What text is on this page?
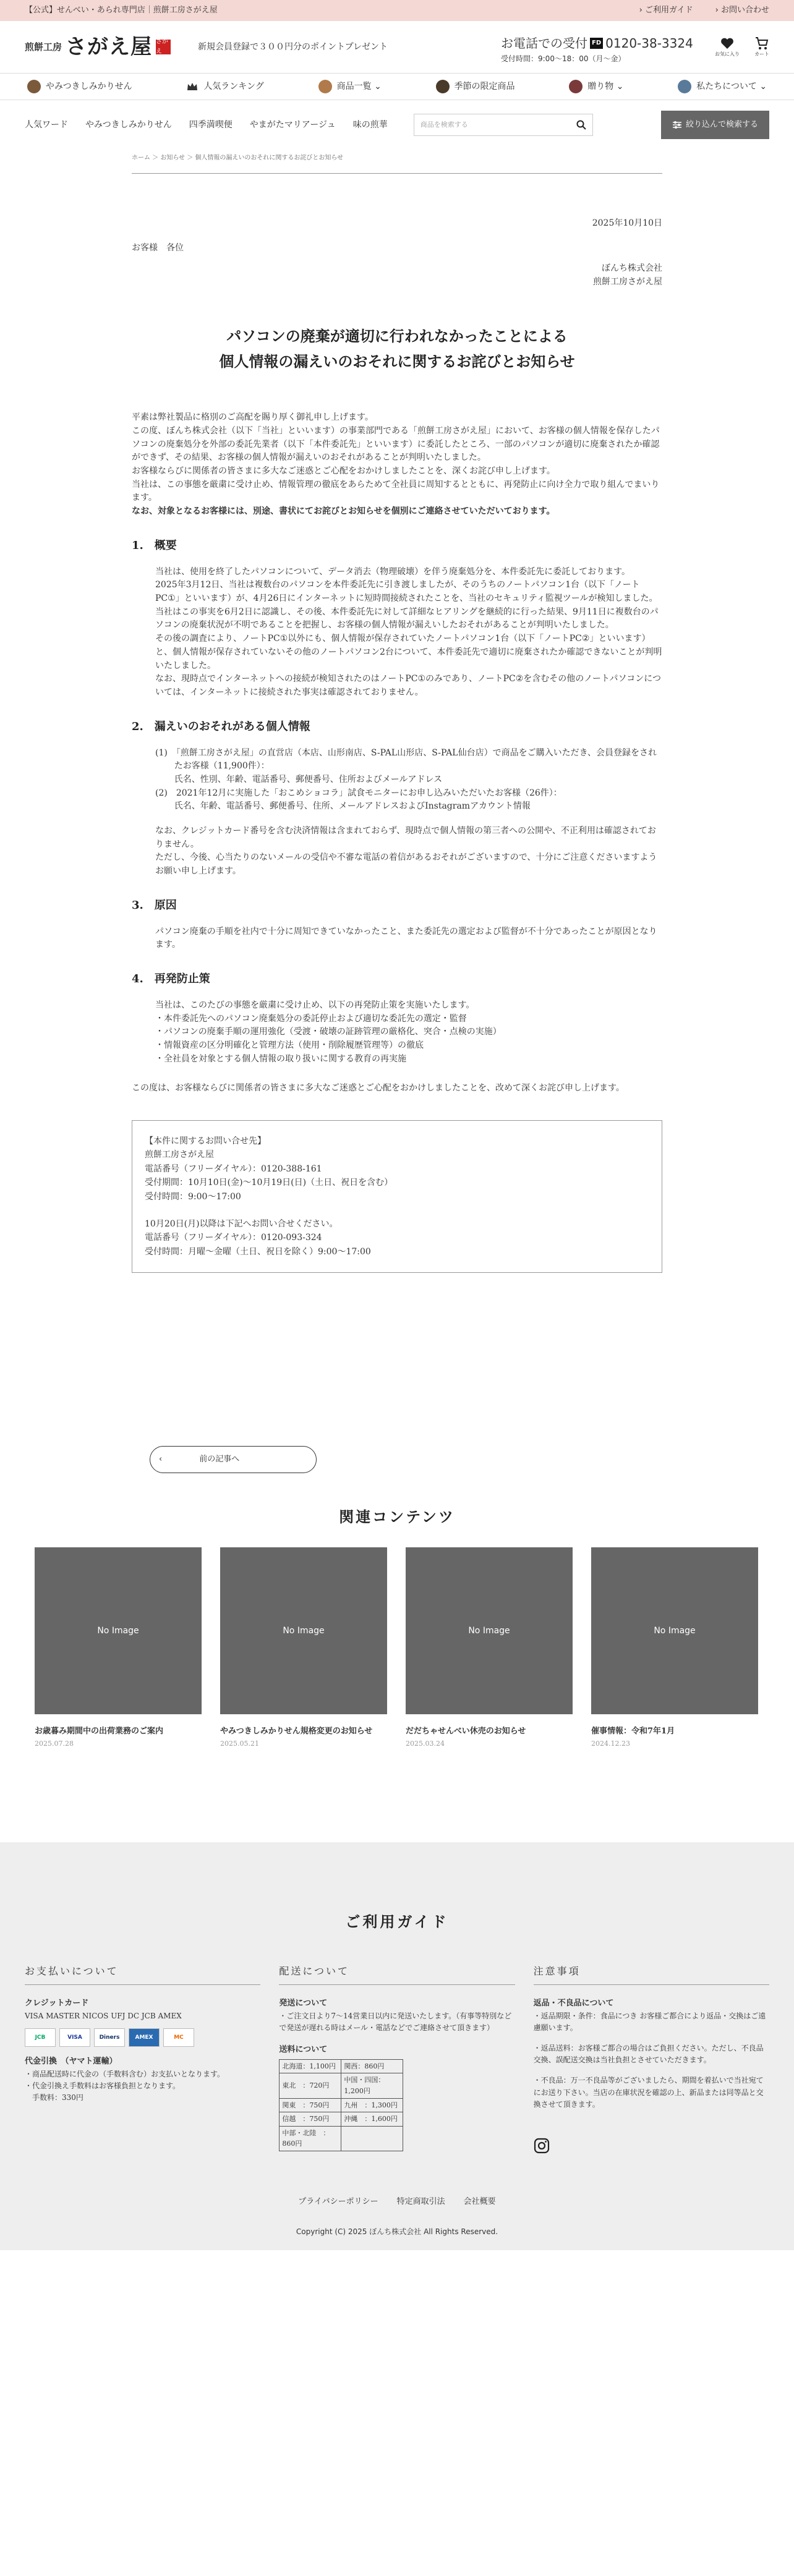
【公式】せんべい・あられ専門店｜煎餅工房さがえ屋	› ご利用ガイド	› お問い合わせ
煎餅工房 さがえ屋 さがえ	新規会員登録で３００円分のポイントプレゼント	お電話での受付 FD 0120-38-3324
受付時間：9:00～18：00（月～金）
お気に入り	カート
やみつきしみかりせん	人気ランキング	商品一覧 ⌄	季節の限定商品	贈り物 ⌄	私たちについて ⌄
人気ワード やみつきしみかりせん 四季満喫便 やまがたマリアージュ 味の煎華	商品を検索する	絞り込んで検索する
ホーム ＞ お知らせ ＞ 個人情報の漏えいのおそれに関するお詫びとお知らせ
2025年10月10日
お客様　各位
ぼんち株式会社
煎餅工房さがえ屋
パソコンの廃棄が適切に行われなかったことによる
個人情報の漏えいのおそれに関するお詫びとお知らせ

平素は弊社製品に格別のご高配を賜り厚く御礼申し上げます。

この度、ぼんち株式会社（以下「当社」といいます）の事業部門である「煎餅工房さがえ屋」において、お客様の個人情報を保存したパソコンの廃棄処分を外部の委託先業者（以下「本件委託先」といいます）に委託したところ、一部のパソコンが適切に廃棄されたか確認ができず、その結果、お客様の個人情報が漏えいのおそれがあることが判明いたしました。

お客様ならびに関係者の皆さまに多大なご迷惑とご心配をおかけしましたことを、深くお詫び申し上げます。

当社は、この事態を厳粛に受け止め、情報管理の徹底をあらためて全社員に周知するとともに、再発防止に向け全力で取り組んでまいります。

なお、対象となるお客様には、別途、書状にてお詫びとお知らせを個別にご連絡させていただいております。

1.　概要

当社は、使用を終了したパソコンについて、データ消去（物理破壊）を伴う廃棄処分を、本件委託先に委託しております。

2025年3月12日、当社は複数台のパソコンを本件委託先に引き渡しましたが、そのうちのノートパソコン1台（以下「ノートPC①」といいます）が、4月26日にインターネットに短時間接続されたことを、当社のセキュリティ監視ツールが検知しました。

当社はこの事実を6月2日に認識し、その後、本件委託先に対して詳細なヒアリングを継続的に行った結果、9月11日に複数台のパソコンの廃棄状況が不明であることを把握し、お客様の個人情報が漏えいしたおそれがあることが判明いたしました。

その後の調査により、ノートPC①以外にも、個人情報が保存されていたノートパソコン1台（以下「ノートPC②」といいます）と、個人情報が保存されていないその他のノートパソコン2台について、本件委託先で適切に廃棄されたか確認できないことが判明いたしました。

なお、現時点でインターネットへの接続が検知されたのはノートPC①のみであり、ノートPC②を含むその他のノートパソコンについては、インターネットに接続された事実は確認されておりません。

2.　漏えいのおそれがある個人情報

(1)　「煎餅工房さがえ屋」の直営店（本店、山形南店、S-PAL山形店、S-PAL仙台店）で商品をご購入いただき、会員登録をされたお客様（11,900件）：

氏名、性別、年齢、電話番号、郵便番号、住所およびメールアドレス

(2)　2021年12月に実施した「おこめショコラ」試食モニターにお申し込みいただいたお客様（26件）：

氏名、年齢、電話番号、郵便番号、住所、メールアドレスおよびInstagramアカウント情報

なお、クレジットカード番号を含む決済情報は含まれておらず、現時点で個人情報の第三者への公開や、不正利用は確認されておりません。

ただし、今後、心当たりのないメールの受信や不審な電話の着信があるおそれがございますので、十分にご注意くださいますようお願い申し上げます。

3.　原因

パソコン廃棄の手順を社内で十分に周知できていなかったこと、また委託先の選定および監督が不十分であったことが原因となります。

4.　再発防止策

当社は、このたびの事態を厳粛に受け止め、以下の再発防止策を実施いたします。

・本件委託先へのパソコン廃棄処分の委託停止および適切な委託先の選定・監督

・パソコンの廃棄手順の運用強化（受渡・破壊の証跡管理の厳格化、突合・点検の実施）

・情報資産の区分明確化と管理方法（使用・削除履歴管理等）の徹底

・全社員を対象とする個人情報の取り扱いに関する教育の再実施

この度は、お客様ならびに関係者の皆さまに多大なご迷惑とご心配をおかけしましたことを、改めて深くお詫び申し上げます。

【本件に関するお問い合せ先】
煎餅工房さがえ屋
電話番号（フリーダイヤル）：0120-388-161
受付期間：10月10日(金)～10月19日(日)（土日、祝日を含む）
受付時間：9:00～17:00
10月20日(月)以降は下記へお問い合せください。
電話番号（フリーダイヤル）：0120-093-324
受付時間：月曜～金曜（土日、祝日を除く）9:00～17:00
‹	前の記事へ
関連コンテンツ
No Image
お歳暮み期間中の出荷業務のご案内
2025.07.28
No Image
やみつきしみかりせん規格変更のお知らせ
2025.05.21
No Image
だだちゃせんべい休売のお知らせ
2025.03.24
No Image
催事情報：令和7年1月
2024.12.23
ご利用ガイド
お支払いについて
クレジットカード
VISA MASTER NICOS UFJ DC JCB AMEX
JCB	VISA	Diners	AMEX	MC
代金引換　（ヤマト運輸）
・商品配送時に代金の（手数料含む）お支払いとなります。
・代金引換え手数料はお客様負担となります。
　手数料：330円
配送について
発送について
・ご注文日より7～14営業日以内に発送いたします。（有事等特別などで発送が遅れる時はメール・電話などでご連絡させて頂きます）
送料について
北海道：1,100円	関西：860円
東北　：720円	中国・四国：1,200円
関東　：750円	九州　：1,300円
信越　：750円	沖縄　：1,600円
中部・北陸　：860円	
注意事項
返品・不良品について
・返品期限・条件：食品につき お客様ご都合により返品・交換はご遠慮願います。
・返品送料：お客様ご都合の場合はご負担ください。ただし、不良品交換、誤配送交換は当社負担とさせていただきます。
・不良品：万一不良品等がございましたら、期間を着払いで当社宛てにお送り下さい。当店の在庫状況を確認の上、新品または同等品と交換させて頂きます。
プライバシーポリシー 特定商取引法 会社概要
Copyright (C) 2025 ぼんち株式会社 All Rights Reserved.
